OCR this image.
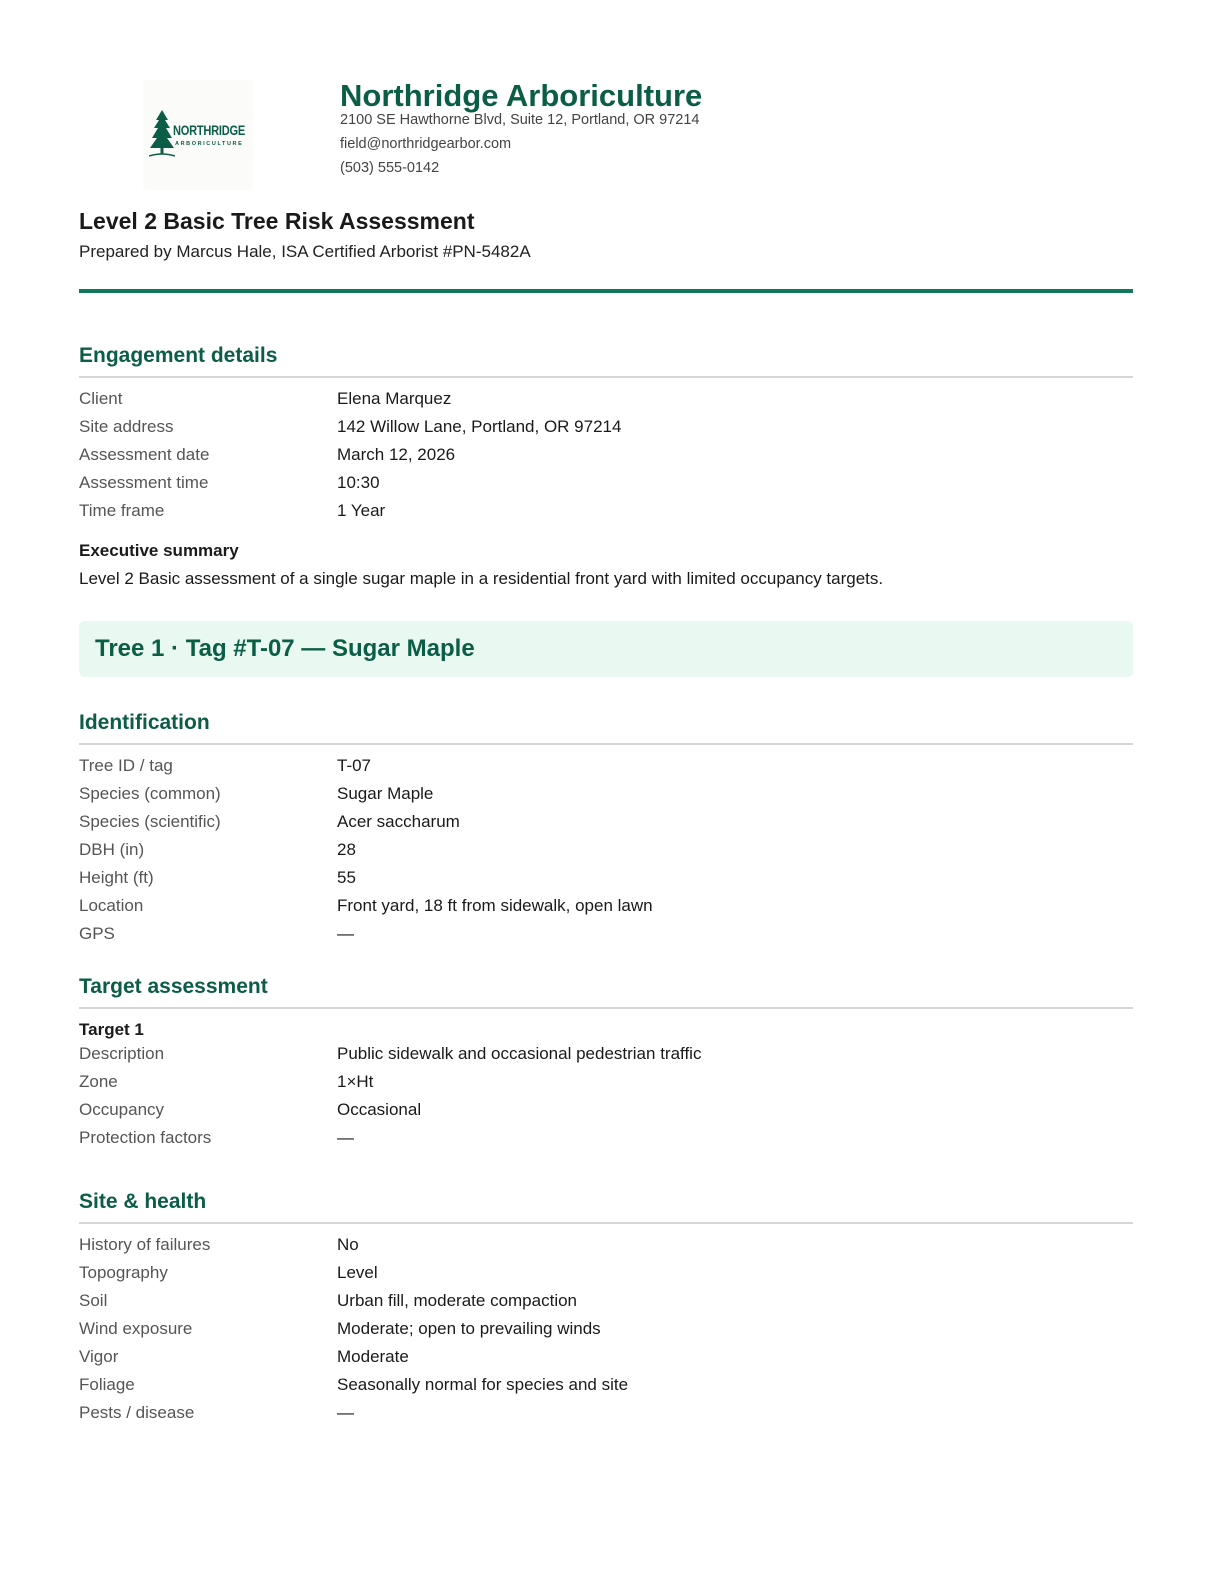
NORTHRIDGE
ARBORICULTURE
Northridge Arboriculture
2100 SE Hawthorne Blvd, Suite 12, Portland, OR 97214
field@northridgearbor.com
(503) 555-0142
Level 2 Basic Tree Risk Assessment
Prepared by Marcus Hale, ISA Certified Arborist #PN-5482A
Engagement details
Client	Elena Marquez
Site address	142 Willow Lane, Portland, OR 97214
Assessment date	March 12, 2026
Assessment time	10:30
Time frame	1 Year
Executive summary
Level 2 Basic assessment of a single sugar maple in a residential front yard with limited occupancy targets.
Tree 1 · Tag #T-07 — Sugar Maple
Identification
Tree ID / tag	T-07
Species (common)	Sugar Maple
Species (scientific)	Acer saccharum
DBH (in)	28
Height (ft)	55
Location	Front yard, 18 ft from sidewalk, open lawn
GPS	—
Target assessment
Target 1
Description	Public sidewalk and occasional pedestrian traffic
Zone	1×Ht
Occupancy	Occasional
Protection factors	—
Site & health
History of failures	No
Topography	Level
Soil	Urban fill, moderate compaction
Wind exposure	Moderate; open to prevailing winds
Vigor	Moderate
Foliage	Seasonally normal for species and site
Pests / disease	—
